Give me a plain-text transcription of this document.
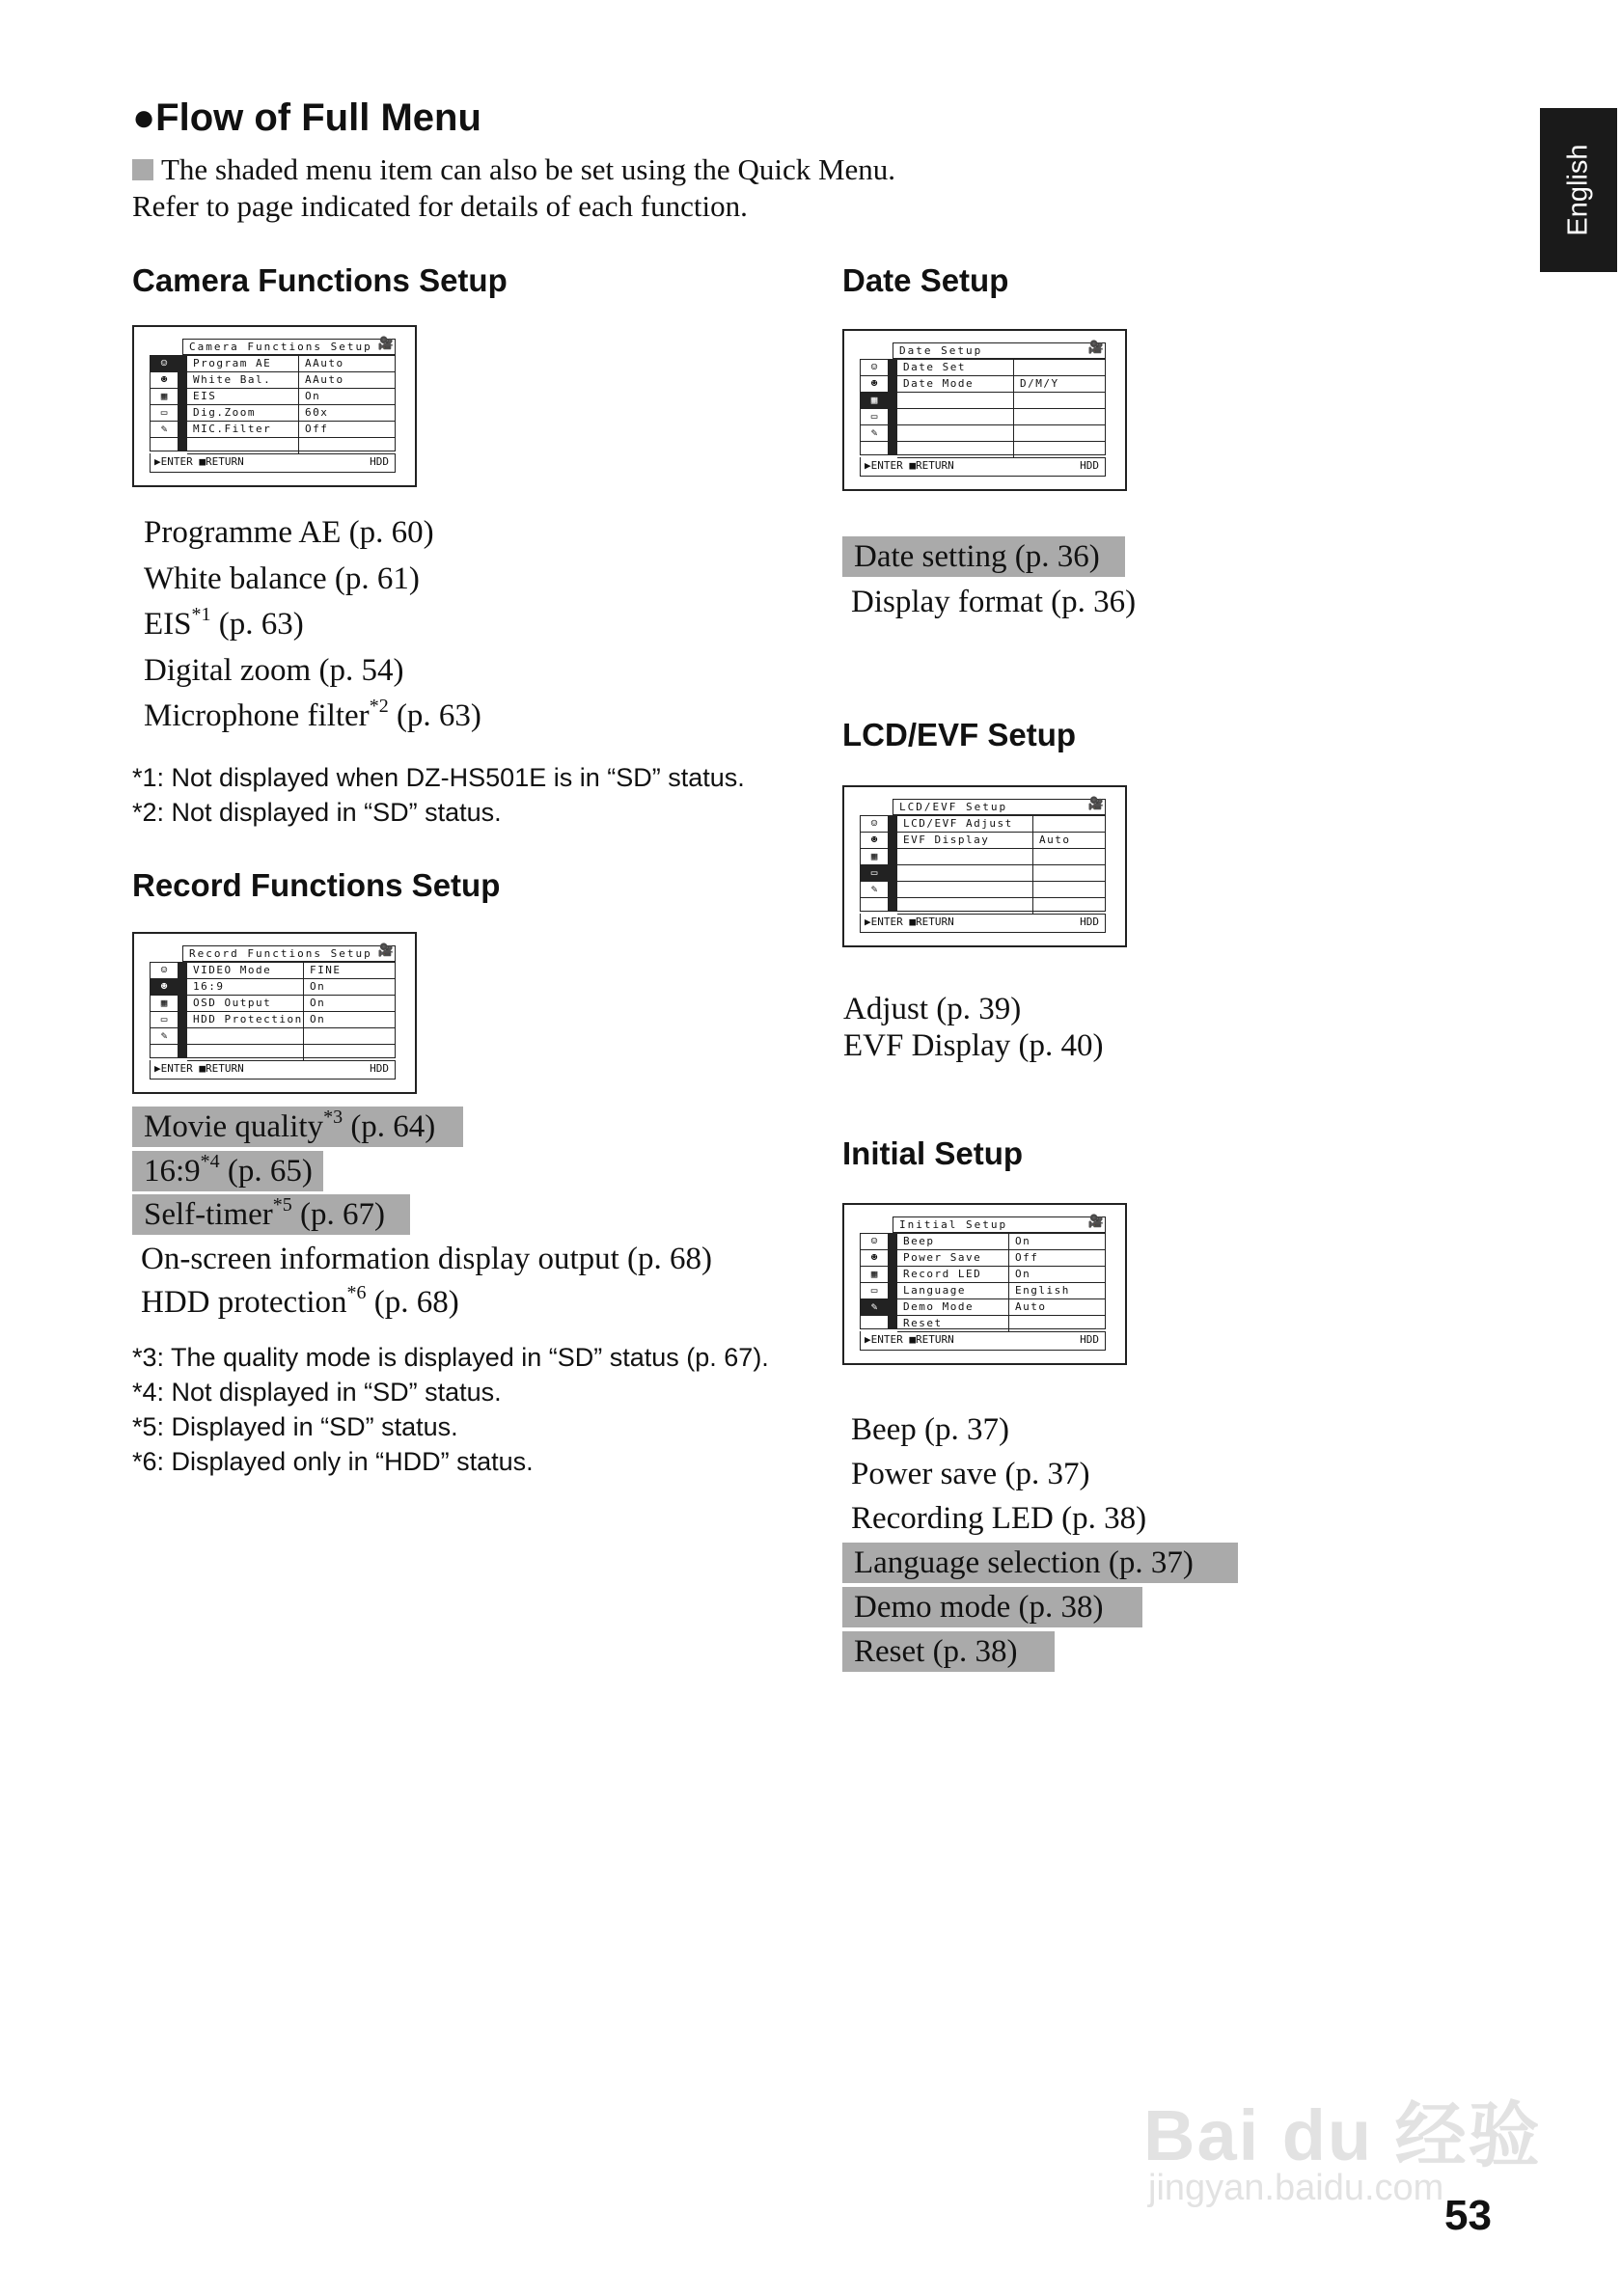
●Flow of Full Menu
The shaded menu item can also be set using the Quick Menu.
Refer to page indicated for details of each function.	English
Camera Functions Setup
Camera Functions Setup 🎥
☺
☻
▦
▭
✎
Program AE	AAuto
White Bal.	AAuto
EIS	On
Dig.Zoom	60x
MIC.Filter	Off
▶ENTER ■RETURN	HDD
Programme AE (p. 60)
White balance (p. 61)
EIS$^{*1}$ (p. 63)
Digital zoom (p. 54)
Microphone filter$^{*2}$ (p. 63)
*1: Not displayed when DZ-HS501E is in “SD” status.
*2: Not displayed in “SD” status.
Record Functions Setup
Record Functions Setup 🎥
☺
☻
▦
▭
✎
VIDEO Mode	FINE
16:9	On
OSD Output	On
HDD Protection On
▶ENTER ■RETURN	HDD
Movie quality$^{*3}$ (p. 64)
16:9$^{*4}$ (p. 65)
Self-timer$^{*5}$ (p. 67)
On-screen information display output (p. 68)
HDD protection$^{*6}$ (p. 68)
*3: The quality mode is displayed in “SD” status (p. 67).
*4: Not displayed in “SD” status.
*5: Displayed in “SD” status.
*6: Displayed only in “HDD” status.
Date Setup
Date Setup	🎥
☺
☻
▦
▭
✎
Date Set
Date Mode	D/M/Y
▶ENTER ■RETURN	HDD
Date setting (p. 36)
Display format (p. 36)
LCD/EVF Setup
LCD/EVF Setup	🎥
☺
☻
▦
▭
✎
LCD/EVF Adjust
EVF Display	Auto
▶ENTER ■RETURN	HDD
Adjust (p. 39)
EVF Display (p. 40)
Initial Setup
Initial Setup	🎥
☺
☻
▦
▭
✎
Beep	On
Power Save	Off
Record LED	On
Language	English
Demo Mode	Auto
Reset
▶ENTER ■RETURN	HDD
Beep (p. 37)
Power save (p. 37)
Recording LED (p. 38)
Language selection (p. 37)
Demo mode (p. 38)
Reset (p. 38)
Bai du 经验
jingyan.baidu.com
53
